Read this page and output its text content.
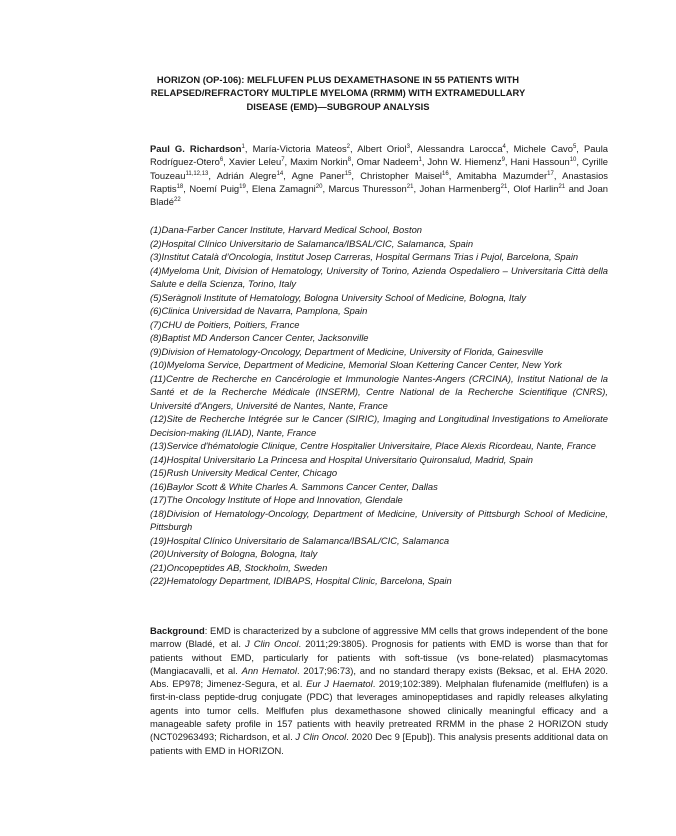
HORIZON (OP-106): MELFLUFEN PLUS DEXAMETHASONE IN 55 PATIENTS WITH RELAPSED/REFRACTORY MULTIPLE MYELOMA (RRMM) WITH EXTRAMEDULLARY DISEASE (EMD)—SUBGROUP ANALYSIS
Paul G. Richardson$^1$, María-Victoria Mateos$^2$, Albert Oriol$^3$, Alessandra Larocca$^4$, Michele Cavo$^5$, Paula Rodríguez-Otero$^6$, Xavier Leleu$^7$, Maxim Norkin$^8$, Omar Nadeem$^1$, John W. Hiemenz$^9$, Hani Hassoun$^{10}$, Cyrille Touzeau$^{11,12,13}$, Adrián Alegre$^{14}$, Agne Paner$^{15}$, Christopher Maisel$^{16}$, Amitabha Mazumder$^{17}$, Anastasios Raptis$^{18}$, Noemí Puig$^{19}$, Elena Zamagni$^{20}$, Marcus Thuresson$^{21}$, Johan Harmenberg$^{21}$, Olof Harlin$^{21}$ and Joan Bladé$^{22}$
(1)Dana-Farber Cancer Institute, Harvard Medical School, Boston
(2)Hospital Clínico Universitario de Salamanca/IBSAL/CIC, Salamanca, Spain
(3)Institut Català d’Oncologia, Institut Josep Carreras, Hospital Germans Trias i Pujol, Barcelona, Spain
(4)Myeloma Unit, Division of Hematology, University of Torino, Azienda Ospedaliero – Universitaria Città della Salute e della Scienza, Torino, Italy
(5)Seràgnoli Institute of Hematology, Bologna University School of Medicine, Bologna, Italy
(6)Clinica Universidad de Navarra, Pamplona, Spain
(7)CHU de Poitiers, Poitiers, France
(8)Baptist MD Anderson Cancer Center, Jacksonville
(9)Division of Hematology-Oncology, Department of Medicine, University of Florida, Gainesville
(10)Myeloma Service, Department of Medicine, Memorial Sloan Kettering Cancer Center, New York
(11)Centre de Recherche en Cancérologie et Immunologie Nantes-Angers (CRCINA), Institut National de la Santé et de la Recherche Médicale (INSERM), Centre National de la Recherche Scientifique (CNRS), Université d'Angers, Université de Nantes, Nante, France
(12)Site de Recherche Intégrée sur le Cancer (SIRIC), Imaging and Longitudinal Investigations to Ameliorate Decision-making (ILIAD), Nante, France
(13)Service d'hématologie Clinique, Centre Hospitalier Universitaire, Place Alexis Ricordeau, Nante, France
(14)Hospital Universitario La Princesa and Hospital Universitario Quironsalud, Madrid, Spain
(15)Rush University Medical Center, Chicago
(16)Baylor Scott & White Charles A. Sammons Cancer Center, Dallas
(17)The Oncology Institute of Hope and Innovation, Glendale
(18)Division of Hematology-Oncology, Department of Medicine, University of Pittsburgh School of Medicine, Pittsburgh
(19)Hospital Clínico Universitario de Salamanca/IBSAL/CIC, Salamanca
(20)University of Bologna, Bologna, Italy
(21)Oncopeptides AB, Stockholm, Sweden
(22)Hematology Department, IDIBAPS, Hospital Clinic, Barcelona, Spain
Background: EMD is characterized by a subclone of aggressive MM cells that grows independent of the bone marrow (Bladé, et al. J Clin Oncol. 2011;29:3805). Prognosis for patients with EMD is worse than that for patients without EMD, particularly for patients with soft-tissue (vs bone-related) plasmacytomas (Mangiacavalli, et al. Ann Hematol. 2017;96:73), and no standard therapy exists (Beksac, et al. EHA 2020. Abs. EP978; Jimenez-Segura, et al. Eur J Haematol. 2019;102:389). Melphalan flufenamide (melflufen) is a first-in-class peptide-drug conjugate (PDC) that leverages aminopeptidases and rapidly releases alkylating agents into tumor cells. Melflufen plus dexamethasone showed clinically meaningful efficacy and a manageable safety profile in 157 patients with heavily pretreated RRMM in the phase 2 HORIZON study (NCT02963493; Richardson, et al. J Clin Oncol. 2020 Dec 9 [Epub]). This analysis presents additional data on patients with EMD in HORIZON.
